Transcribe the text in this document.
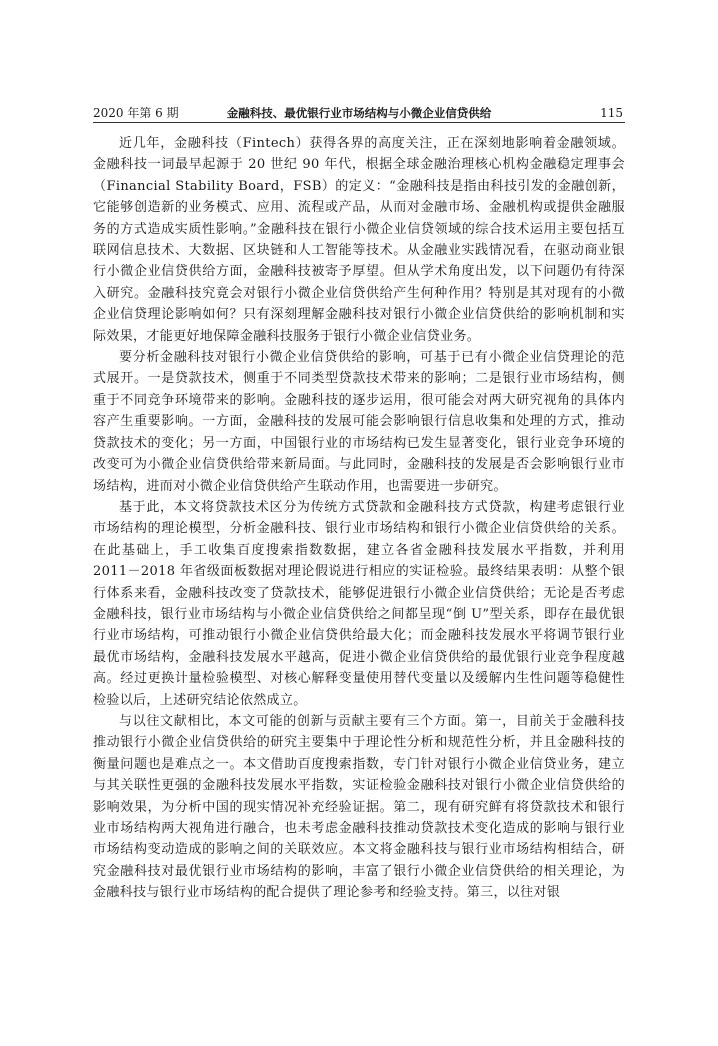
2020 年第 6 期	金融科技、最优银行业市场结构与小微企业信贷供给	115

近几年，金融科技（Fintech）获得各界的高度关注，正在深刻地影响着金融领域。金融科技一词最早起源于 20 世纪 90 年代，根据全球金融治理核心机构金融稳定理事会（Financial Stability Board，FSB）的定义：“金融科技是指由科技引发的金融创新，它能够创造新的业务模式、应用、流程或产品，从而对金融市场、金融机构或提供金融服务的方式造成实质性影响。”金融科技在银行小微企业信贷领域的综合技术运用主要包括互联网信息技术、大数据、区块链和人工智能等技术。从金融业实践情况看，在驱动商业银行小微企业信贷供给方面，金融科技被寄予厚望。但从学术角度出发，以下问题仍有待深入研究。金融科技究竟会对银行小微企业信贷供给产生何种作用？特别是其对现有的小微企业信贷理论影响如何？只有深刻理解金融科技对银行小微企业信贷供给的影响机制和实际效果，才能更好地保障金融科技服务于银行小微企业信贷业务。

要分析金融科技对银行小微企业信贷供给的影响，可基于已有小微企业信贷理论的范式展开。一是贷款技术，侧重于不同类型贷款技术带来的影响；二是银行业市场结构，侧重于不同竞争环境带来的影响。金融科技的逐步运用，很可能会对两大研究视角的具体内容产生重要影响。一方面，金融科技的发展可能会影响银行信息收集和处理的方式，推动贷款技术的变化；另一方面，中国银行业的市场结构已发生显著变化，银行业竞争环境的改变可为小微企业信贷供给带来新局面。与此同时，金融科技的发展是否会影响银行业市场结构，进而对小微企业信贷供给产生联动作用，也需要进一步研究。

基于此，本文将贷款技术区分为传统方式贷款和金融科技方式贷款，构建考虑银行业市场结构的理论模型，分析金融科技、银行业市场结构和银行小微企业信贷供给的关系。在此基础上，手工收集百度搜索指数数据，建立各省金融科技发展水平指数，并利用 2011－2018 年省级面板数据对理论假说进行相应的实证检验。最终结果表明：从整个银行体系来看，金融科技改变了贷款技术，能够促进银行小微企业信贷供给；无论是否考虑金融科技，银行业市场结构与小微企业信贷供给之间都呈现“倒 U”型关系，即存在最优银行业市场结构，可推动银行小微企业信贷供给最大化；而金融科技发展水平将调节银行业最优市场结构，金融科技发展水平越高，促进小微企业信贷供给的最优银行业竞争程度越高。经过更换计量检验模型、对核心解释变量使用替代变量以及缓解内生性问题等稳健性检验以后，上述研究结论依然成立。

与以往文献相比，本文可能的创新与贡献主要有三个方面。第一，目前关于金融科技推动银行小微企业信贷供给的研究主要集中于理论性分析和规范性分析，并且金融科技的衡量问题也是难点之一。本文借助百度搜索指数，专门针对银行小微企业信贷业务，建立与其关联性更强的金融科技发展水平指数，实证检验金融科技对银行小微企业信贷供给的影响效果，为分析中国的现实情况补充经验证据。第二，现有研究鲜有将贷款技术和银行业市场结构两大视角进行融合，也未考虑金融科技推动贷款技术变化造成的影响与银行业市场结构变动造成的影响之间的关联效应。本文将金融科技与银行业市场结构相结合，研究金融科技对最优银行业市场结构的影响，丰富了银行小微企业信贷供给的相关理论，为金融科技与银行业市场结构的配合提供了理论参考和经验支持。第三，以往对银
